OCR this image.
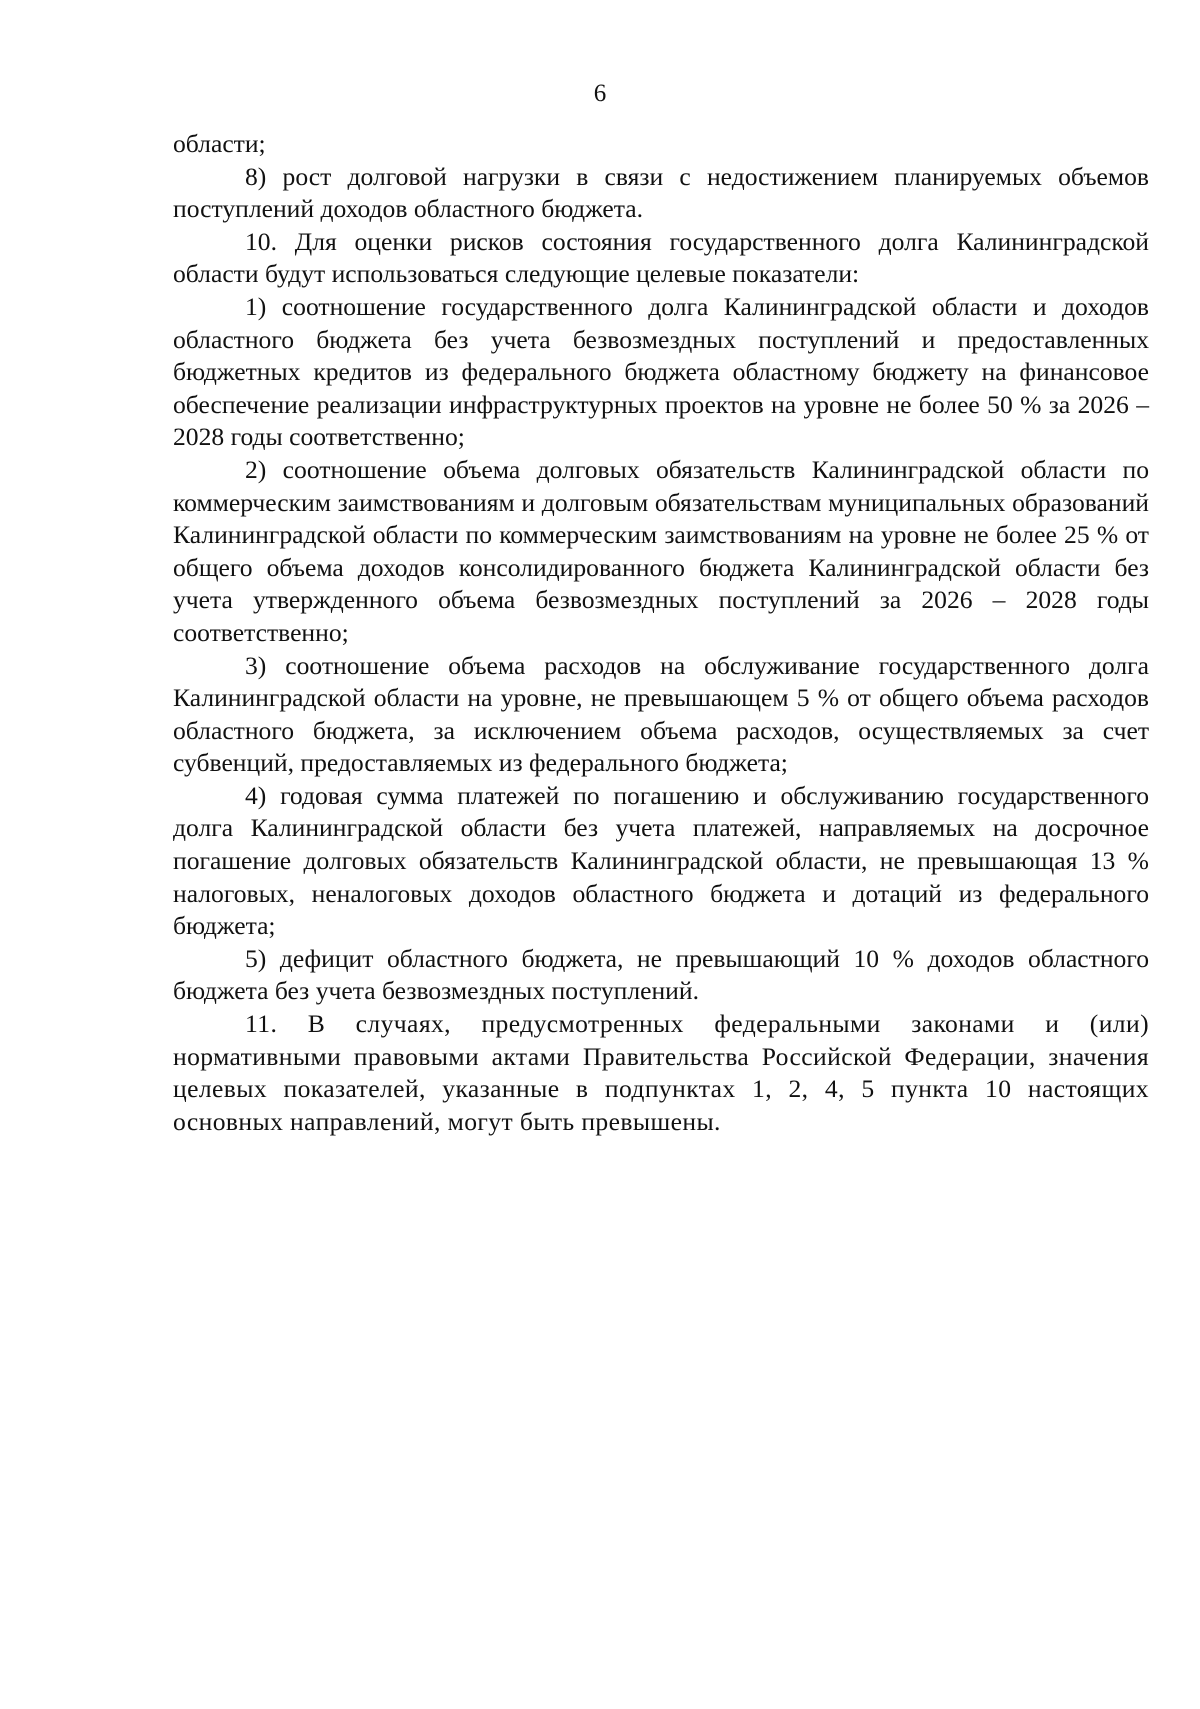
6

области;

8) рост долговой нагрузки в связи с недостижением планируемых объемов поступлений доходов областного бюджета.

10. Для оценки рисков состояния государственного долга Калининградской области будут использоваться следующие целевые показатели:

1) соотношение государственного долга Калининградской области и доходов областного бюджета без учета безвозмездных поступлений и предоставленных бюджетных кредитов из федерального бюджета областному бюджету на финансовое обеспечение реализации инфраструктурных проектов на уровне не более 50 % за 2026 – 2028 годы соответственно;

2) соотношение объема долговых обязательств Калининградской области по коммерческим заимствованиям и долговым обязательствам муниципальных образований Калининградской области по коммерческим заимствованиям на уровне не более 25 % от общего объема доходов консолидированного бюджета Калининградской области без учета утвержденного объема безвозмездных поступлений за 2026 – 2028 годы соответственно;

3) соотношение объема расходов на обслуживание государственного долга Калининградской области на уровне, не превышающем 5 % от общего объема расходов областного бюджета, за исключением объема расходов, осуществляемых за счет субвенций, предоставляемых из федерального бюджета;

4) годовая сумма платежей по погашению и обслуживанию государственного долга Калининградской области без учета платежей, направляемых на досрочное погашение долговых обязательств Калининградской области, не превышающая 13 % налоговых, неналоговых доходов областного бюджета и дотаций из федерального бюджета;

5) дефицит областного бюджета, не превышающий 10 % доходов областного бюджета без учета безвозмездных поступлений.

11. В случаях, предусмотренных федеральными законами и (или) нормативными правовыми актами Правительства Российской Федерации, значения целевых показателей, указанные в подпунктах 1, 2, 4, 5 пункта 10 настоящих основных направлений, могут быть превышены.
